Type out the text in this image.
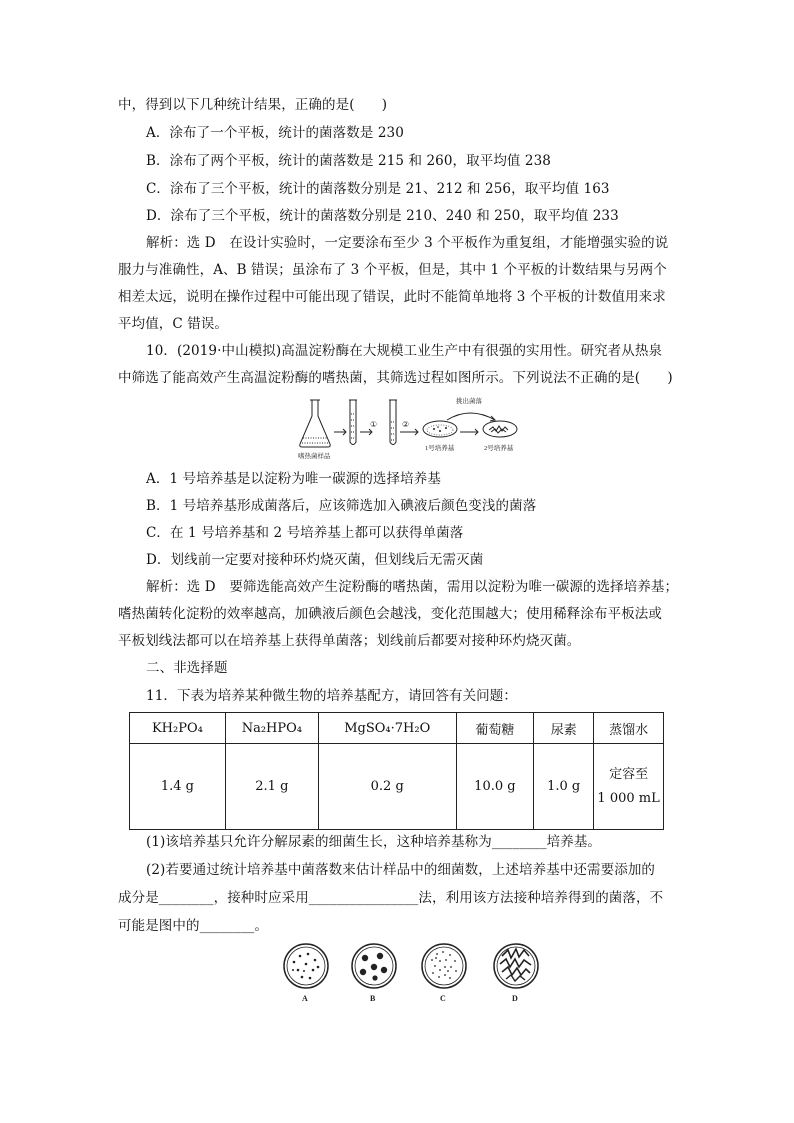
中，得到以下几种统计结果，正确的是(　　)
A．涂布了一个平板，统计的菌落数是 230
B．涂布了两个平板，统计的菌落数是 215 和 260，取平均值 238
C．涂布了三个平板，统计的菌落数分别是 21、212 和 256，取平均值 163
D．涂布了三个平板，统计的菌落数分别是 210、240 和 250，取平均值 233
解析：选 D　在设计实验时，一定要涂布至少 3 个平板作为重复组，才能增强实验的说
服力与准确性，A、B 错误；虽涂布了 3 个平板，但是，其中 1 个平板的计数结果与另两个
相差太远，说明在操作过程中可能出现了错误，此时不能简单地将 3 个平板的计数值用来求
平均值，C 错误。
10．(2019·中山模拟)高温淀粉酶在大规模工业生产中有很强的实用性。研究者从热泉
中筛选了能高效产生高温淀粉酶的嗜热菌，其筛选过程如图所示。下列说法不正确的是(　　)
嗜热菌样品
①	②
1号培养基
挑出菌落
2号培养基
A．1 号培养基是以淀粉为唯一碳源的选择培养基
B．1 号培养基形成菌落后，应该筛选加入碘液后颜色变浅的菌落
C．在 1 号培养基和 2 号培养基上都可以获得单菌落
D．划线前一定要对接种环灼烧灭菌，但划线后无需灭菌
解析：选 D　要筛选能高效产生淀粉酶的嗜热菌，需用以淀粉为唯一碳源的选择培养基；
嗜热菌转化淀粉的效率越高，加碘液后颜色会越浅，变化范围越大；使用稀释涂布平板法或
平板划线法都可以在培养基上获得单菌落；划线前后都要对接种环灼烧灭菌。
二、非选择题
11．下表为培养某种微生物的培养基配方，请回答有关问题：
KH₂PO₄	Na₂HPO₄	MgSO₄·7H₂O	葡萄糖	尿素	蒸馏水
1.4 g	2.1 g	0.2 g	10.0 g	1.0 g	定容至
1 000 mL
(1)该培养基只允许分解尿素的细菌生长，这种培养基称为________培养基。
(2)若要通过统计培养基中菌落数来估计样品中的细菌数，上述培养基中还需要添加的
成分是________，接种时应采用________________法，利用该方法接种培养得到的菌落，不
可能是图中的________。
A	B	C	D
